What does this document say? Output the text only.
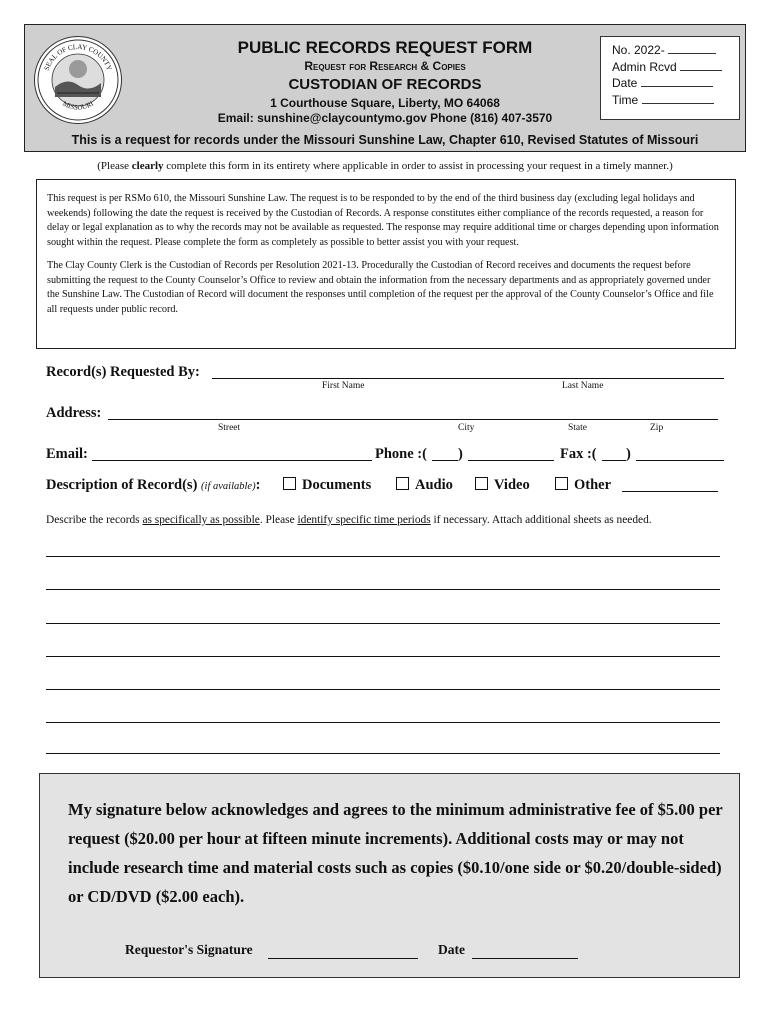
SEAL OF CLAY COUNTY
MISSOURI
PUBLIC RECORDS REQUEST FORM
Request for Research & Copies
CUSTODIAN OF RECORDS
1 Courthouse Square, Liberty, MO 64068
Email: sunshine@claycountymo.gov Phone (816) 407-3570
This is a request for records under the Missouri Sunshine Law, Chapter 610, Revised Statutes of Missouri
No. 2022-
Admin Rcvd
Date
Time
(Please clearly complete this form in its entirety where applicable in order to assist in processing your request in a timely manner.)

This request is per RSMo 610, the Missouri Sunshine Law. The request is to be responded to by the end of the third business day (excluding legal holidays and weekends) following the date the request is received by the Custodian of Records. A response constitutes either compliance of the records requested, a reason for delay or legal explanation as to why the records may not be available as requested. The response may require additional time or charges depending upon information sought within the request. Please complete the form as completely as possible to better assist you with your request.

The Clay County Clerk is the Custodian of Records per Resolution 2021-13. Procedurally the Custodian of Record receives and documents the request before submitting the request to the County Counselor’s Office to review and obtain the information from the necessary departments and as appropriately governed under the Sunshine Law. The Custodian of Record will document the responses until completion of the request per the approval of the County Counselor’s Office and file all requests under public record.

Record(s) Requested By:
First Name	Last Name
Address:
Street	City	State	Zip
Email:	Phone :( )	Fax :( )
Description of Record(s) (if available):	Documents	Audio	Video	Other
Describe the records as specifically as possible. Please identify specific time periods if necessary. Attach additional sheets as needed.
My signature below acknowledges and agrees to the minimum administrative fee of $5.00 per request ($20.00 per hour at fifteen minute increments). Additional costs may or may not include research time and material costs such as copies ($0.10/one side or $0.20/double-sided) or CD/DVD ($2.00 each).
Requestor's Signature	Date
